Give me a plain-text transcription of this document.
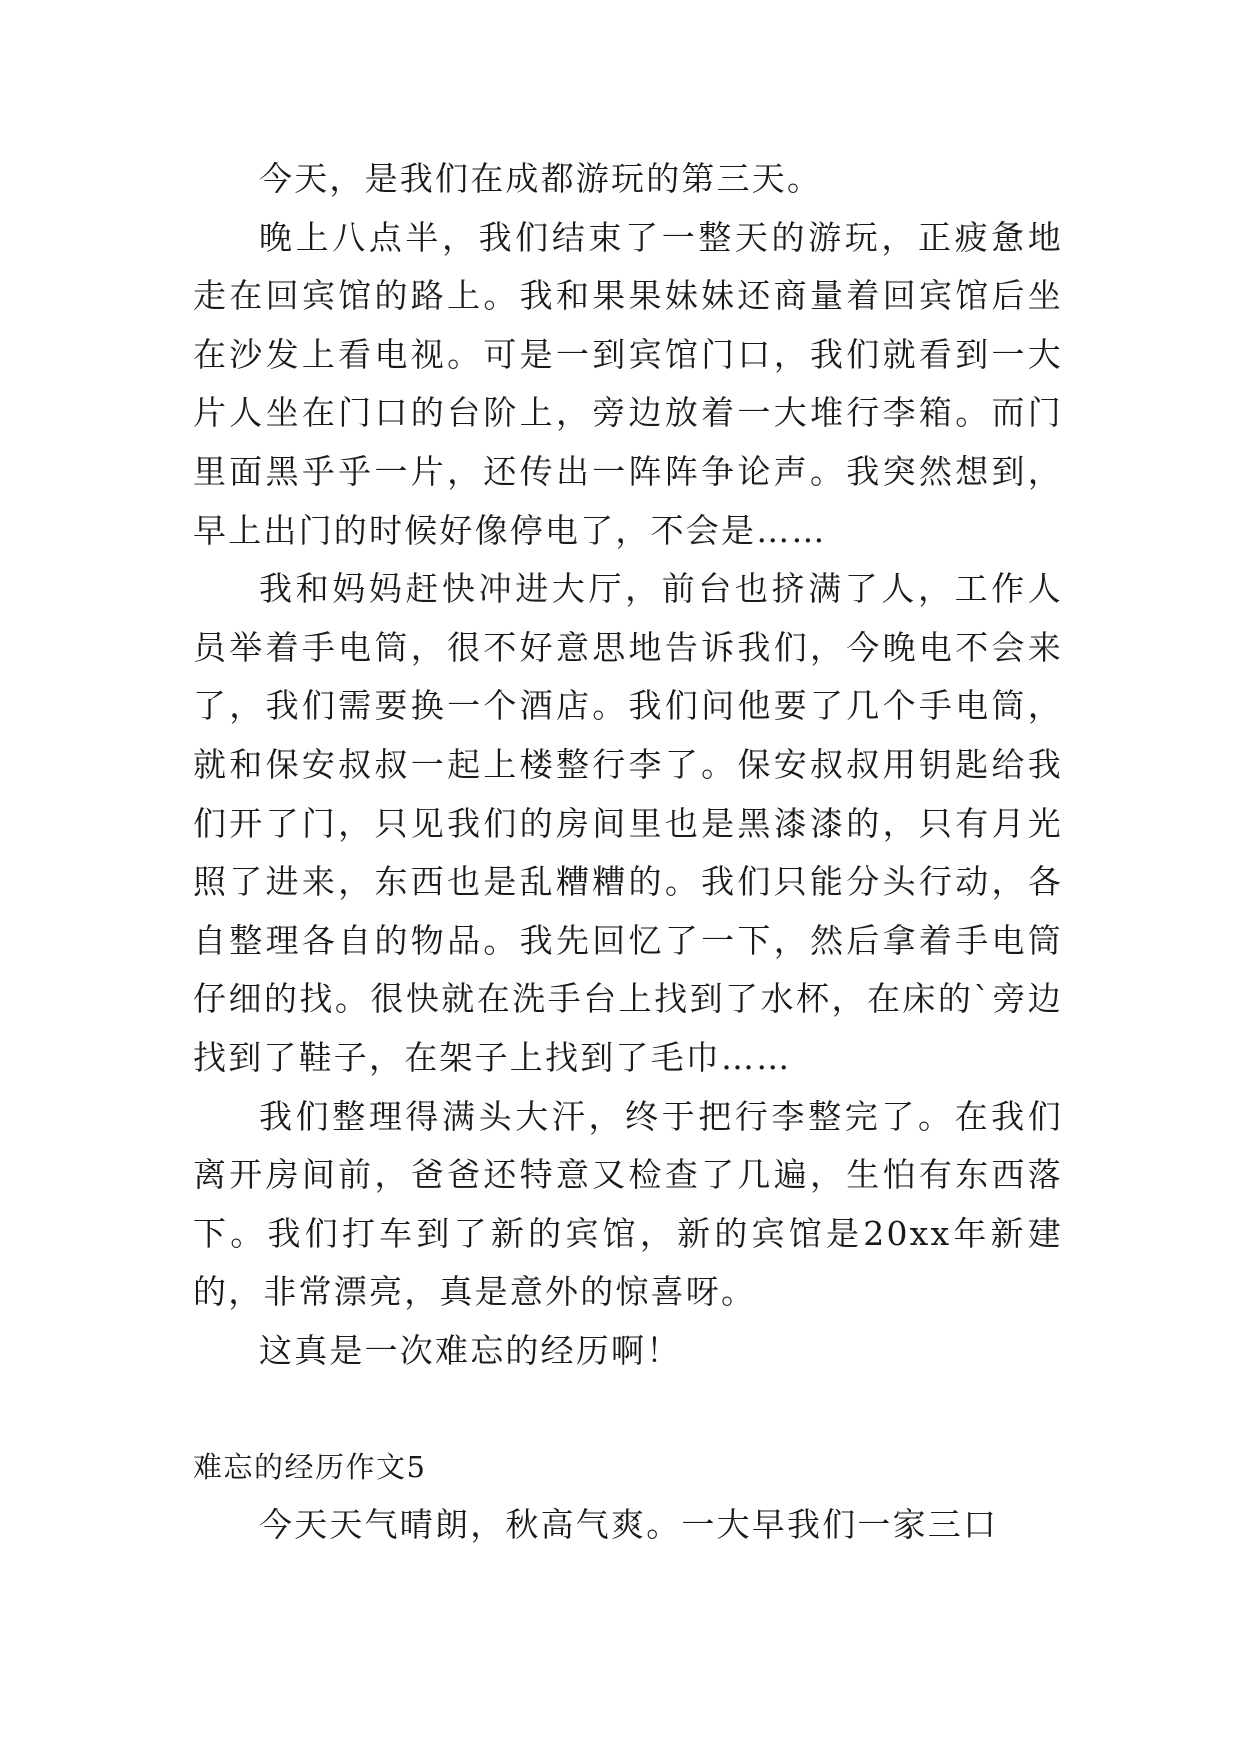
今天，是我们在成都游玩的第三天。

晚上八点半，我们结束了一整天的游玩，正疲惫地走在回宾馆的路上。我和果果妹妹还商量着回宾馆后坐在沙发上看电视。可是一到宾馆门口，我们就看到一大片人坐在门口的台阶上，旁边放着一大堆行李箱。而门里面黑乎乎一片，还传出一阵阵争论声。我突然想到，早上出门的时候好像停电了，不会是……

我和妈妈赶快冲进大厅，前台也挤满了人，工作人员举着手电筒，很不好意思地告诉我们，今晚电不会来了，我们需要换一个酒店。我们问他要了几个手电筒，就和保安叔叔一起上楼整行李了。保安叔叔用钥匙给我们开了门，只见我们的房间里也是黑漆漆的，只有月光照了进来，东西也是乱糟糟的。我们只能分头行动，各自整理各自的物品。我先回忆了一下，然后拿着手电筒仔细的找。很快就在洗手台上找到了水杯，在床的`旁边找到了鞋子，在架子上找到了毛巾……

我们整理得满头大汗，终于把行李整完了。在我们离开房间前，爸爸还特意又检查了几遍，生怕有东西落下。我们打车到了新的宾馆，新的宾馆是20xx年新建的，非常漂亮，真是意外的惊喜呀。

这真是一次难忘的经历啊！

难忘的经历作文5

今天天气晴朗，秋高气爽。一大早我们一家三口
